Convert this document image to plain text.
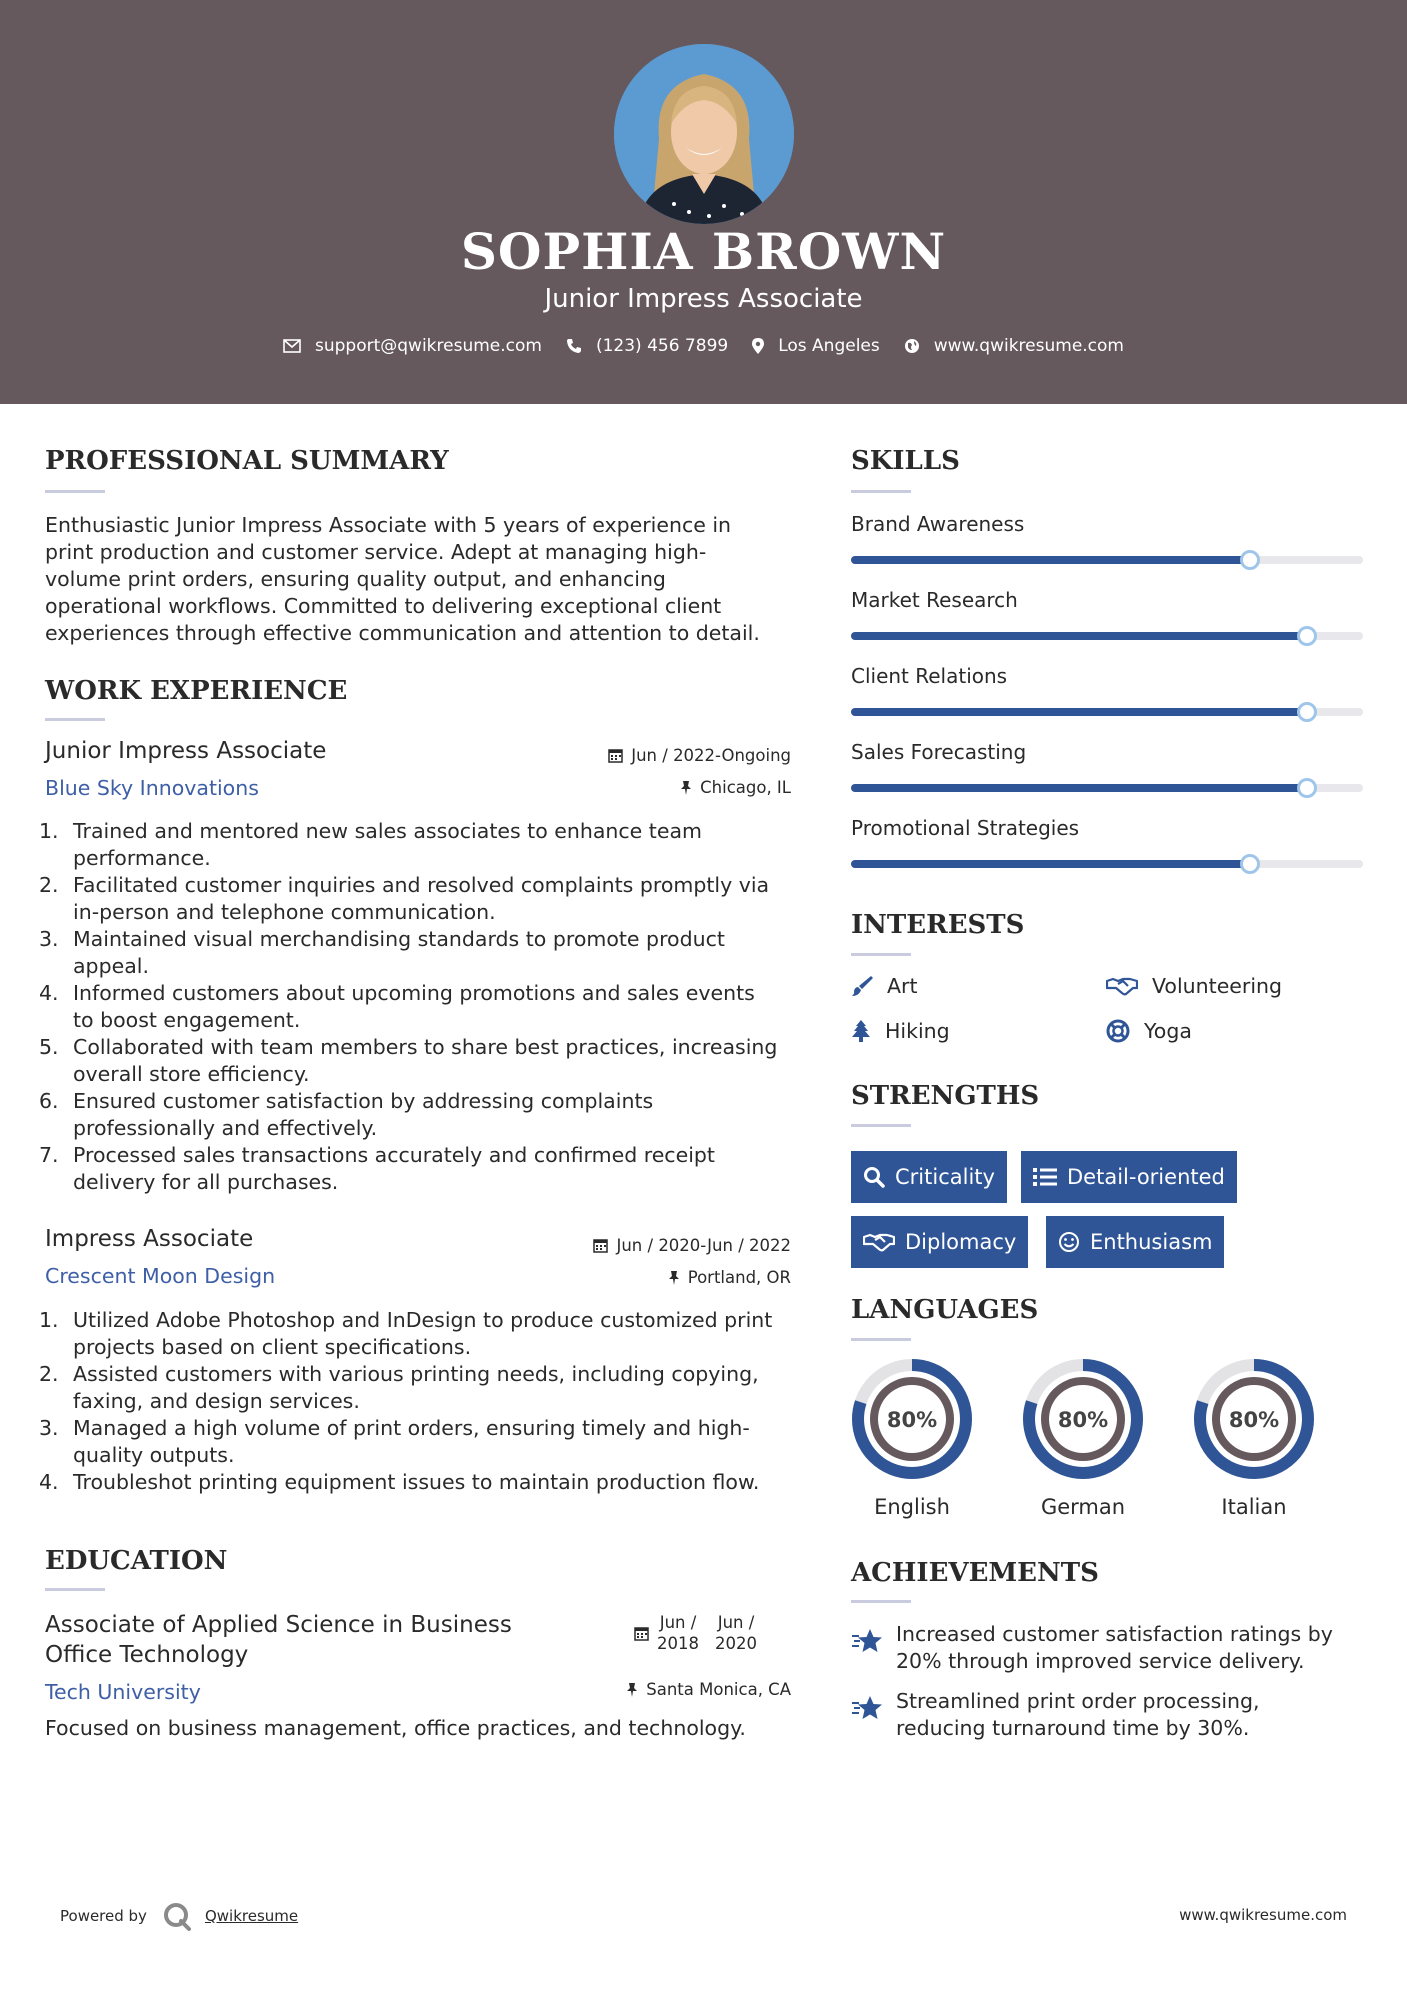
SOPHIA BROWN
Junior Impress Associate
support@qwikresume.com	(123) 456 7899	Los Angeles	www.qwikresume.com
PROFESSIONAL SUMMARY
Enthusiastic Junior Impress Associate with 5 years of experience in
print production and customer service. Adept at managing high-
volume print orders, ensuring quality output, and enhancing
operational workflows. Committed to delivering exceptional client
experiences through effective communication and attention to detail.
WORK EXPERIENCE
Junior Impress Associate	Jun / 2022-Ongoing
Blue Sky Innovations	Chicago, IL
1. Trained and mentored new sales associates to enhance team
performance.
2. Facilitated customer inquiries and resolved complaints promptly via
in-person and telephone communication.
3. Maintained visual merchandising standards to promote product
appeal.
4. Informed customers about upcoming promotions and sales events
to boost engagement.
5. Collaborated with team members to share best practices, increasing
overall store efficiency.
6. Ensured customer satisfaction by addressing complaints
professionally and effectively.
7. Processed sales transactions accurately and confirmed receipt
delivery for all purchases.
Impress Associate	Jun / 2020-Jun / 2022
Crescent Moon Design	Portland, OR
1. Utilized Adobe Photoshop and InDesign to produce customized print
projects based on client specifications.
2. Assisted customers with various printing needs, including copying,
faxing, and design services.
3. Managed a high volume of print orders, ensuring timely and high-
quality outputs.
4. Troubleshot printing equipment issues to maintain production flow.
EDUCATION
Associate of Applied Science in Business
Office Technology
Jun /
2018
Jun /
2020
Tech University	Santa Monica, CA
Focused on business management, office practices, and technology.
SKILLS
Brand Awareness
Market Research
Client Relations
Sales Forecasting
Promotional Strategies
INTERESTS
Art	Volunteering
Hiking	Yoga
STRENGTHS
Criticality	Detail-oriented
Diplomacy	Enthusiasm
LANGUAGES
80%
English
80%
German
80%
Italian
ACHIEVEMENTS
Increased customer satisfaction ratings by
20% through improved service delivery.
Streamlined print order processing,
reducing turnaround time by 30%.
Powered by	Qwikresume	www.qwikresume.com
